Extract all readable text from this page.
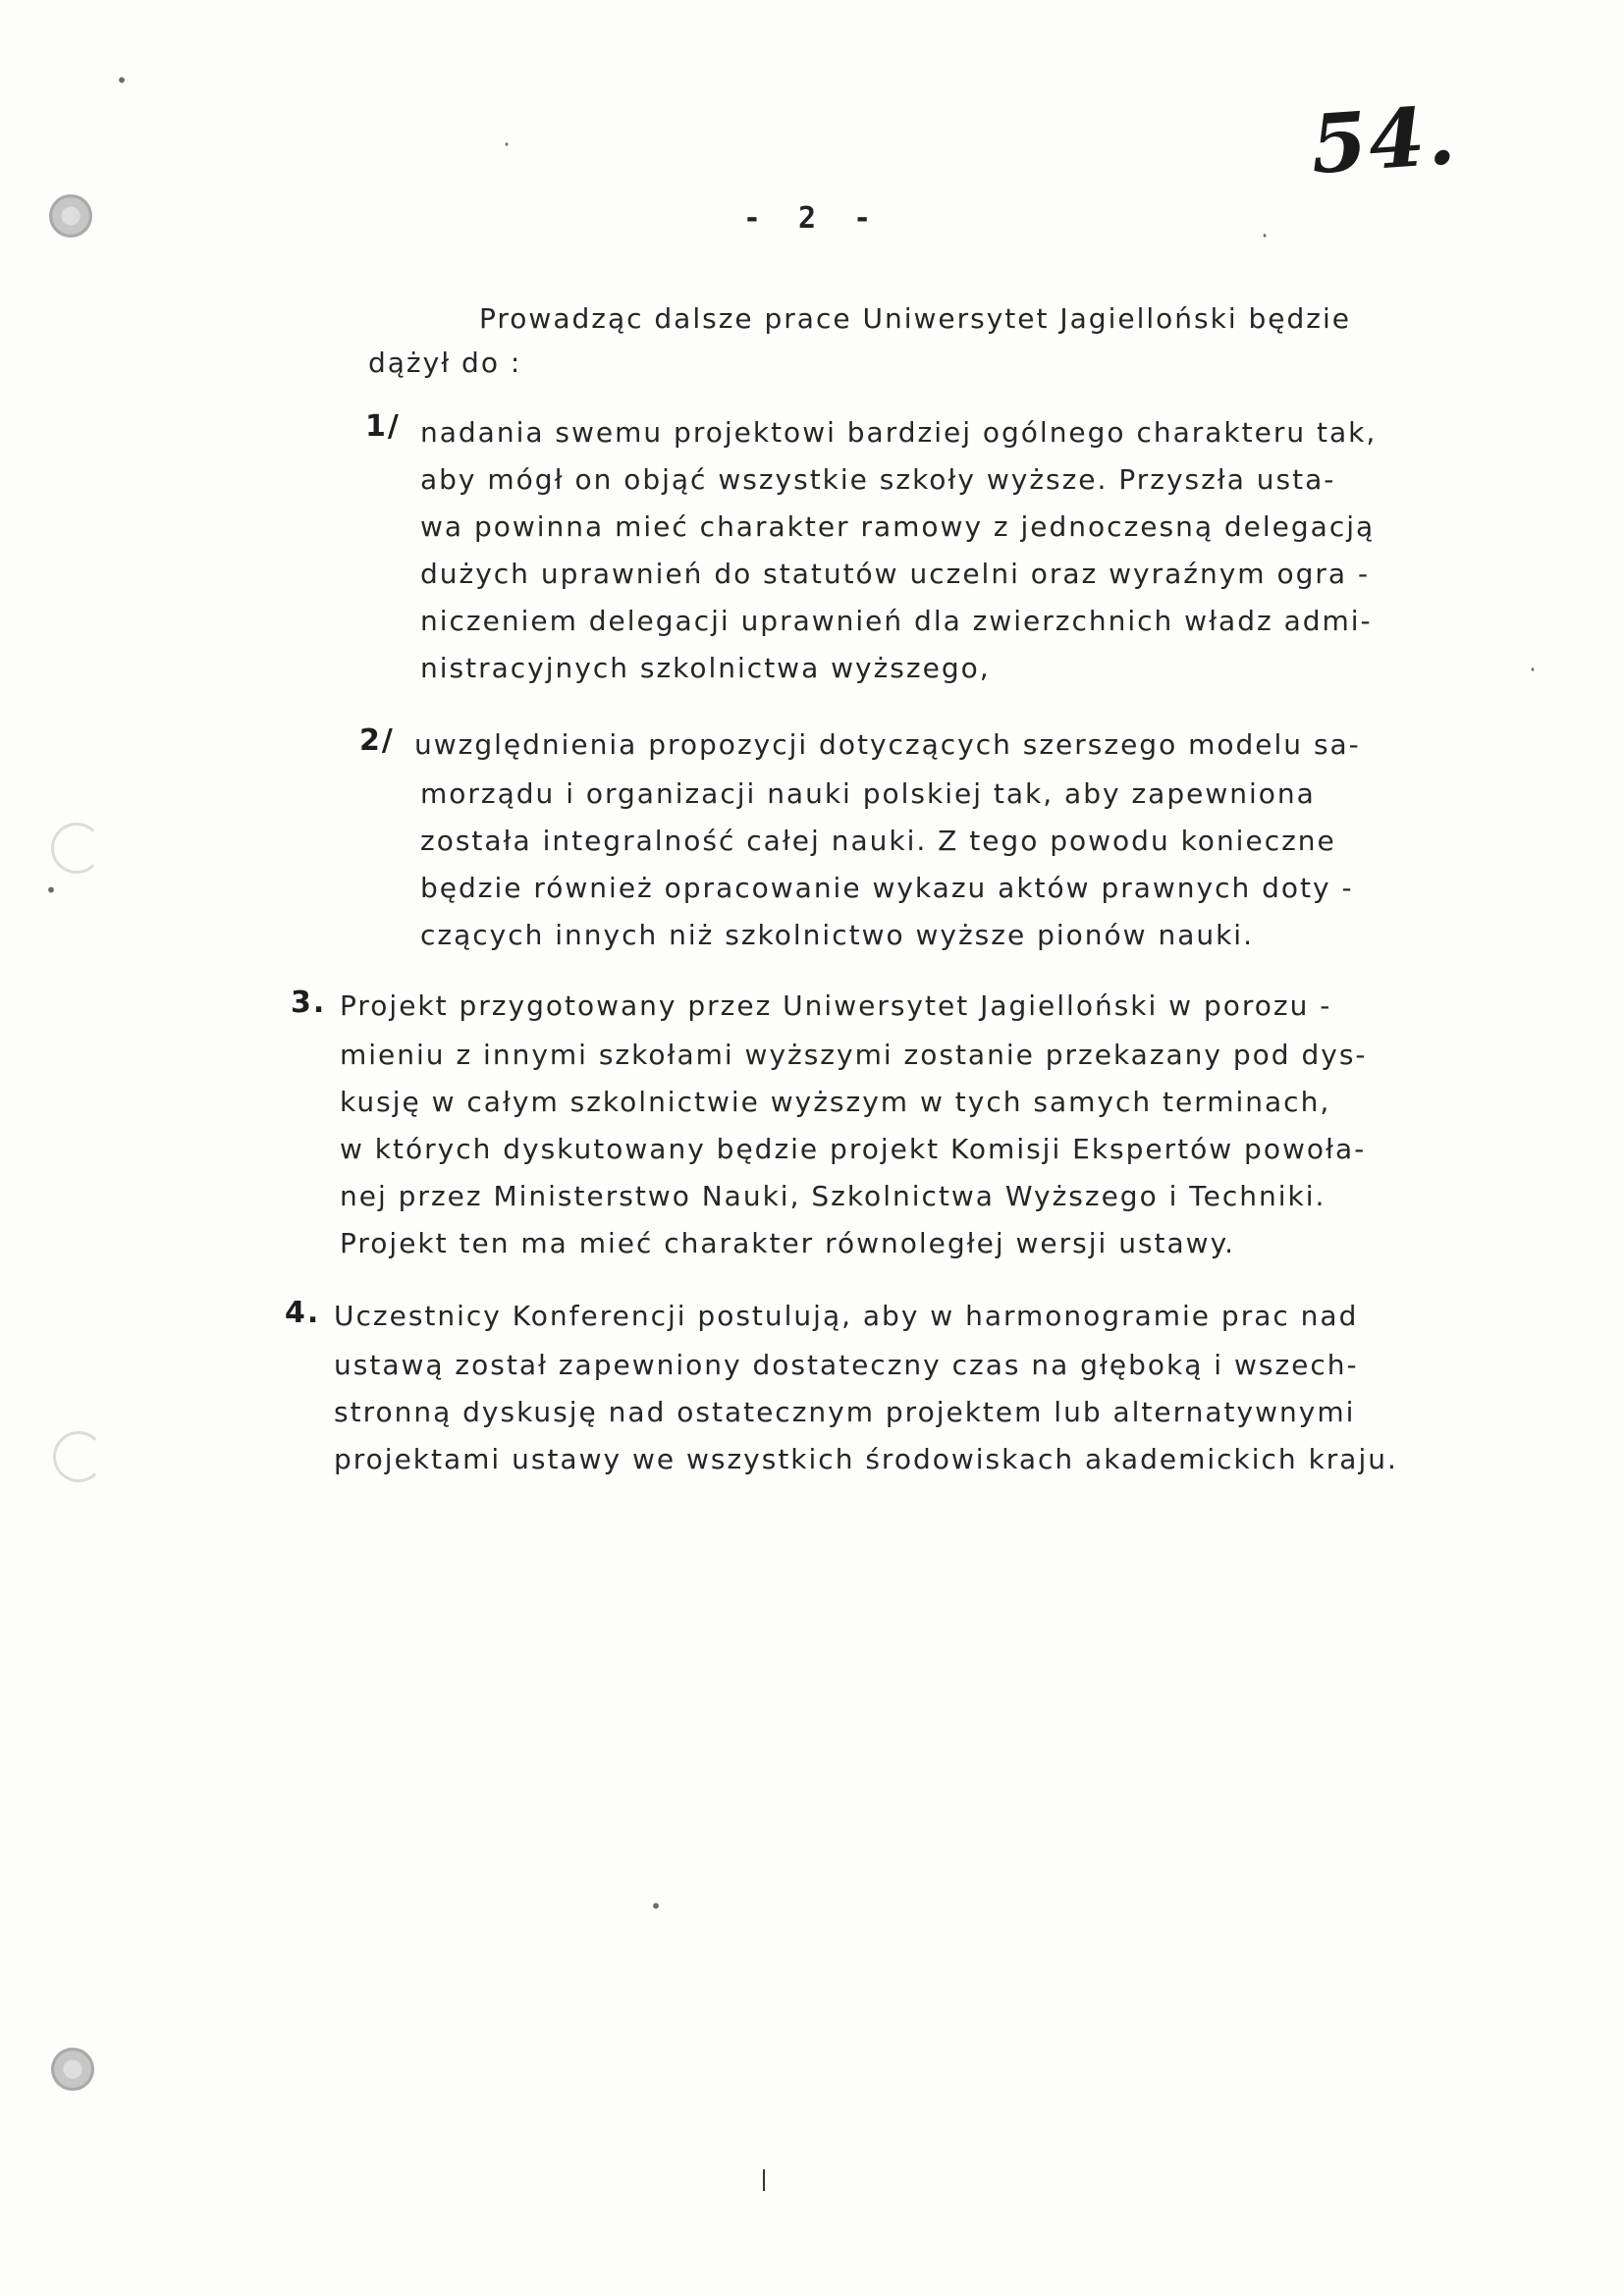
54.
- 2 -
Prowadząc dalsze prace Uniwersytet Jagielloński będzie
dążył do :
1/ nadania swemu projektowi bardziej ogólnego charakteru tak,
aby mógł on objąć wszystkie szkoły wyższe. Przyszła usta-
wa powinna mieć charakter ramowy z jednoczesną delegacją
dużych uprawnień do statutów uczelni oraz wyraźnym ogra -
niczeniem delegacji uprawnień dla zwierzchnich władz admi-
nistracyjnych szkolnictwa wyższego,
2/ uwzględnienia propozycji dotyczących szerszego modelu sa-
morządu i organizacji nauki polskiej tak, aby zapewniona
została integralność całej nauki. Z tego powodu konieczne
będzie również opracowanie wykazu aktów prawnych doty -
czących innych niż szkolnictwo wyższe pionów nauki.
3. Projekt przygotowany przez Uniwersytet Jagielloński w porozu -
mieniu z innymi szkołami wyższymi zostanie przekazany pod dys-
kusję w całym szkolnictwie wyższym w tych samych terminach,
w których dyskutowany będzie projekt Komisji Ekspertów powoła-
nej przez Ministerstwo Nauki, Szkolnictwa Wyższego i Techniki.
Projekt ten ma mieć charakter równoległej wersji ustawy.
4. Uczestnicy Konferencji postulują, aby w harmonogramie prac nad
ustawą został zapewniony dostateczny czas na głęboką i wszech-
stronną dyskusję nad ostatecznym projektem lub alternatywnymi
projektami ustawy we wszystkich środowiskach akademickich kraju.
•
•
•
·
·
·
